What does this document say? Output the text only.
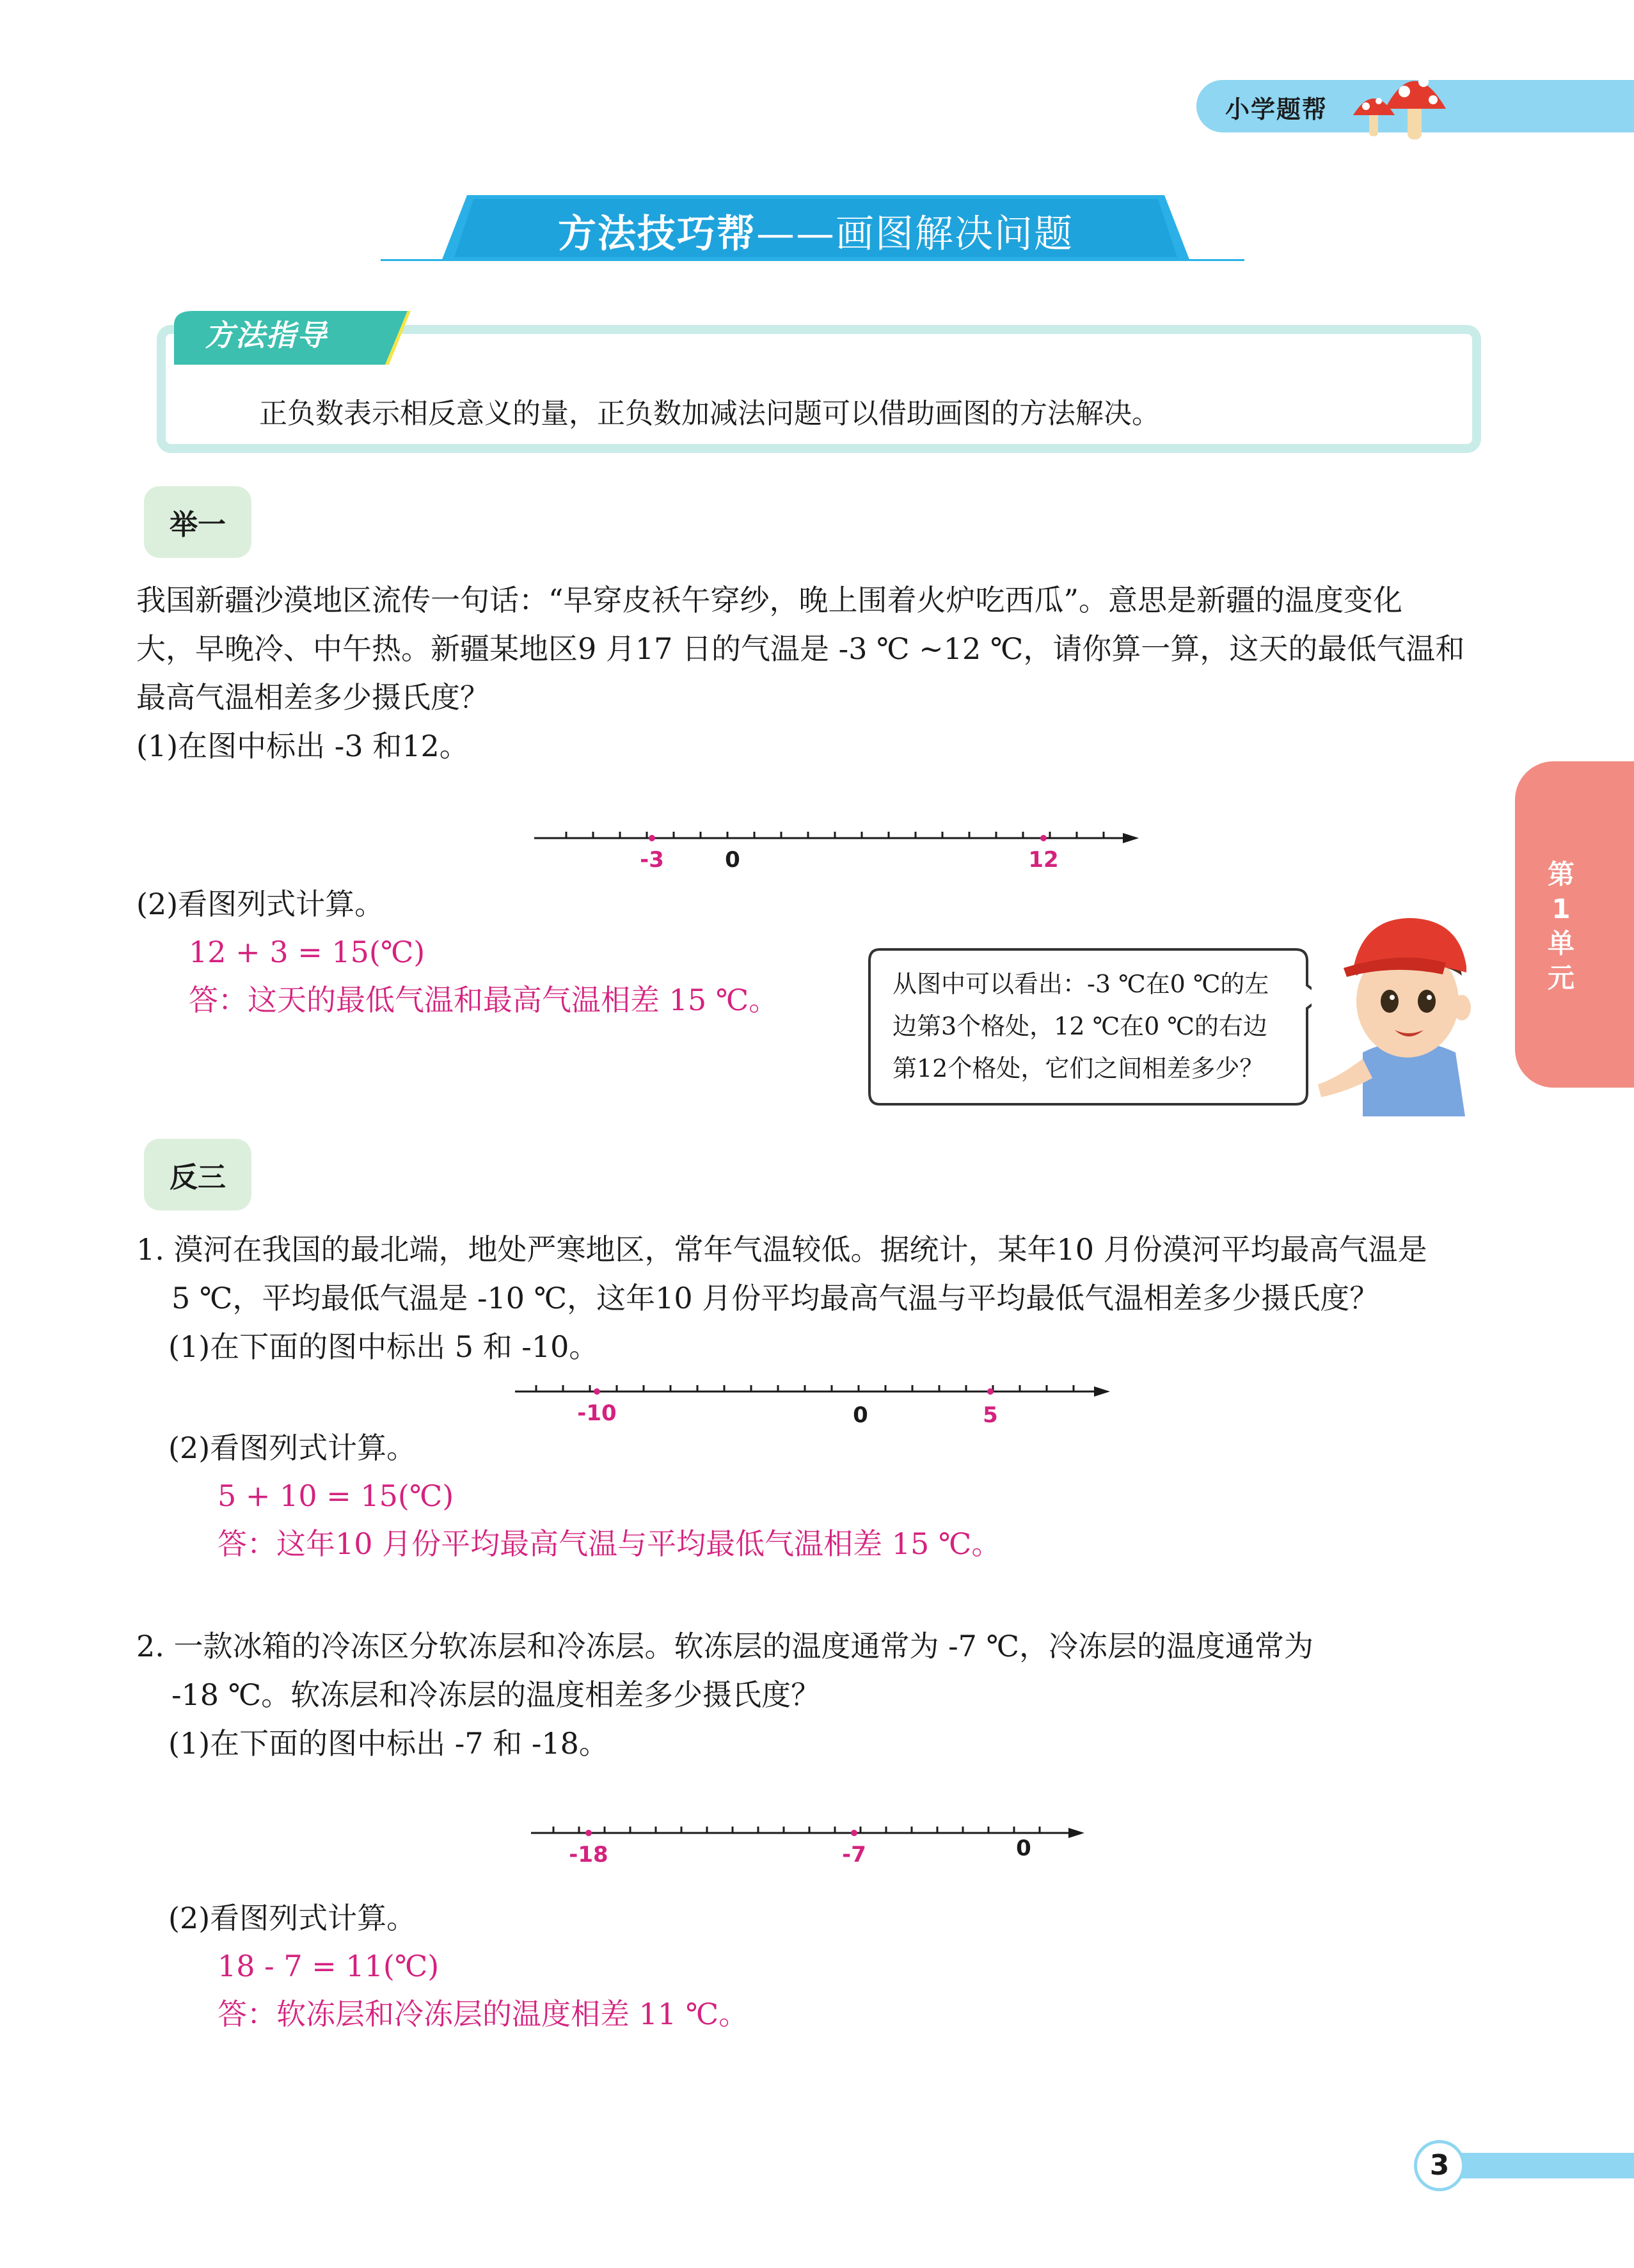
小学题帮
方法技巧帮——画图解决问题
方法指导
正负数表示相反意义的量，正负数加减法问题可以借助画图的方法解决。
举一
我国新疆沙漠地区流传一句话：“早穿皮袄午穿纱，晚上围着火炉吃西瓜”。意思是新疆的温度变化
大，早晚冷、中午热。新疆某地区9 月17 日的气温是 -3 ℃ ~12 ℃，请你算一算，这天的最低气温和
最高气温相差多少摄氏度？
(1)在图中标出 -3 和12。
-3	0	12
(2)看图列式计算。
12 + 3 = 15(℃)
答：这天的最低气温和最高气温相差 15 ℃。	从图中可以看出：-3 ℃在0 ℃的左
边第3个格处，12 ℃在0 ℃的右边
第12个格处，它们之间相差多少？
反三
1. 漠河在我国的最北端，地处严寒地区，常年气温较低。据统计，某年10 月份漠河平均最高气温是
5 ℃，平均最低气温是 -10 ℃，这年10 月份平均最高气温与平均最低气温相差多少摄氏度？
(1)在下面的图中标出 5 和 -10。
-10	0	5
(2)看图列式计算。
5 + 10 = 15(℃)
答：这年10 月份平均最高气温与平均最低气温相差 15 ℃。
2. 一款冰箱的冷冻区分软冻层和冷冻层。软冻层的温度通常为 -7 ℃，冷冻层的温度通常为
-18 ℃。软冻层和冷冻层的温度相差多少摄氏度？
(1)在下面的图中标出 -7 和 -18。
-18	-7	0
(2)看图列式计算。
18 - 7 = 11(℃)
答：软冻层和冷冻层的温度相差 11 ℃。
第
1
单
元
3
